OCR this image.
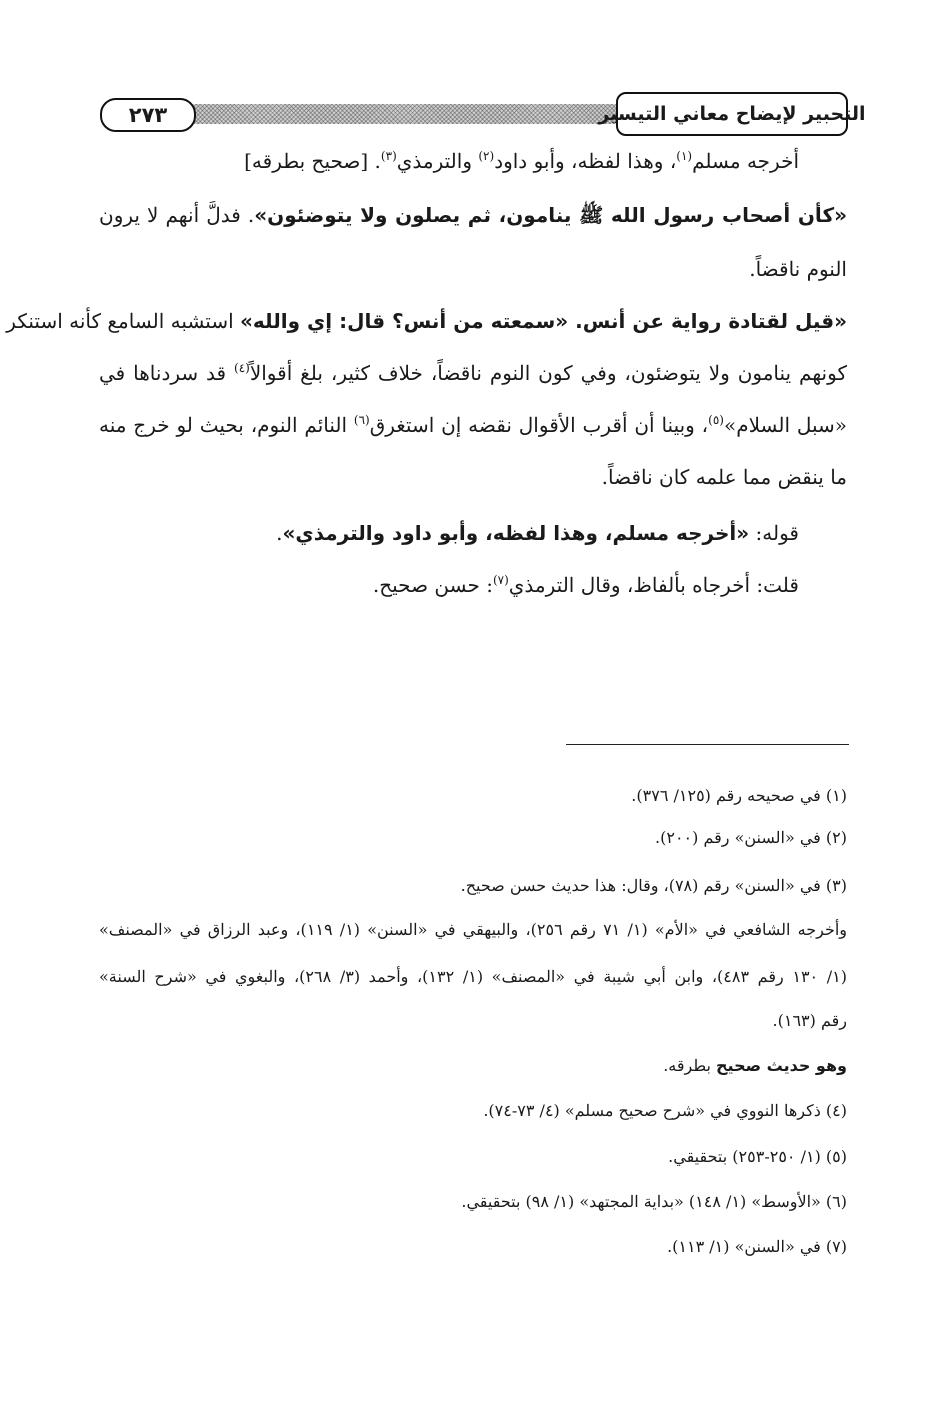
٢٧٣	التحبير لإيضاح معاني التيسير
أخرجه مسلم$^{(١)}$، وهذا لفظه، وأبو داود$^{(٢)}$ والترمذي$^{(٣)}$. [صحيح بطرقه]
«كأن أصحاب رسول الله ﷺ ينامون، ثم يصلون ولا يتوضئون». فدلَّ أنهم لا يرون
النوم ناقضاً.
«قيل لقتادة رواية عن أنس. «سمعته من أنس؟ قال: إي والله» استشبه السامع كأنه استنكر
كونهم ينامون ولا يتوضئون، وفي كون النوم ناقضاً، خلاف كثير، بلغ أقوالاً$^{(٤)}$ قد سردناها في
«سبل السلام»$^{(٥)}$، وبينا أن أقرب الأقوال نقضه إن استغرق$^{(٦)}$ النائم النوم، بحيث لو خرج منه
ما ينقض مما علمه كان ناقضاً.
قوله: «أخرجه مسلم، وهذا لفظه، وأبو داود والترمذي».
قلت: أخرجاه بألفاظ، وقال الترمذي$^{(٧)}$: حسن صحيح.
(١) في صحيحه رقم (١٢٥/ ٣٧٦).
(٢) في «السنن» رقم (٢٠٠).
(٣) في «السنن» رقم (٧٨)، وقال: هذا حديث حسن صحيح.
وأخرجه الشافعي في «الأم» (١/ ٧١ رقم ٢٥٦)، والبيهقي في «السنن» (١/ ١١٩)، وعبد الرزاق في «المصنف»
(١/ ١٣٠ رقم ٤٨٣)، وابن أبي شيبة في «المصنف» (١/ ١٣٢)، وأحمد (٣/ ٢٦٨)، والبغوي في «شرح السنة»
رقم (١٦٣).
وهو حديث صحيح بطرقه.
(٤) ذكرها النووي في «شرح صحيح مسلم» (٤/ ٧٣-٧٤).
(٥) (١/ ٢٥٠-٢٥٣) بتحقيقي.
(٦) «الأوسط» (١/ ١٤٨) «بداية المجتهد» (١/ ٩٨) بتحقيقي.
(٧) في «السنن» (١/ ١١٣).
